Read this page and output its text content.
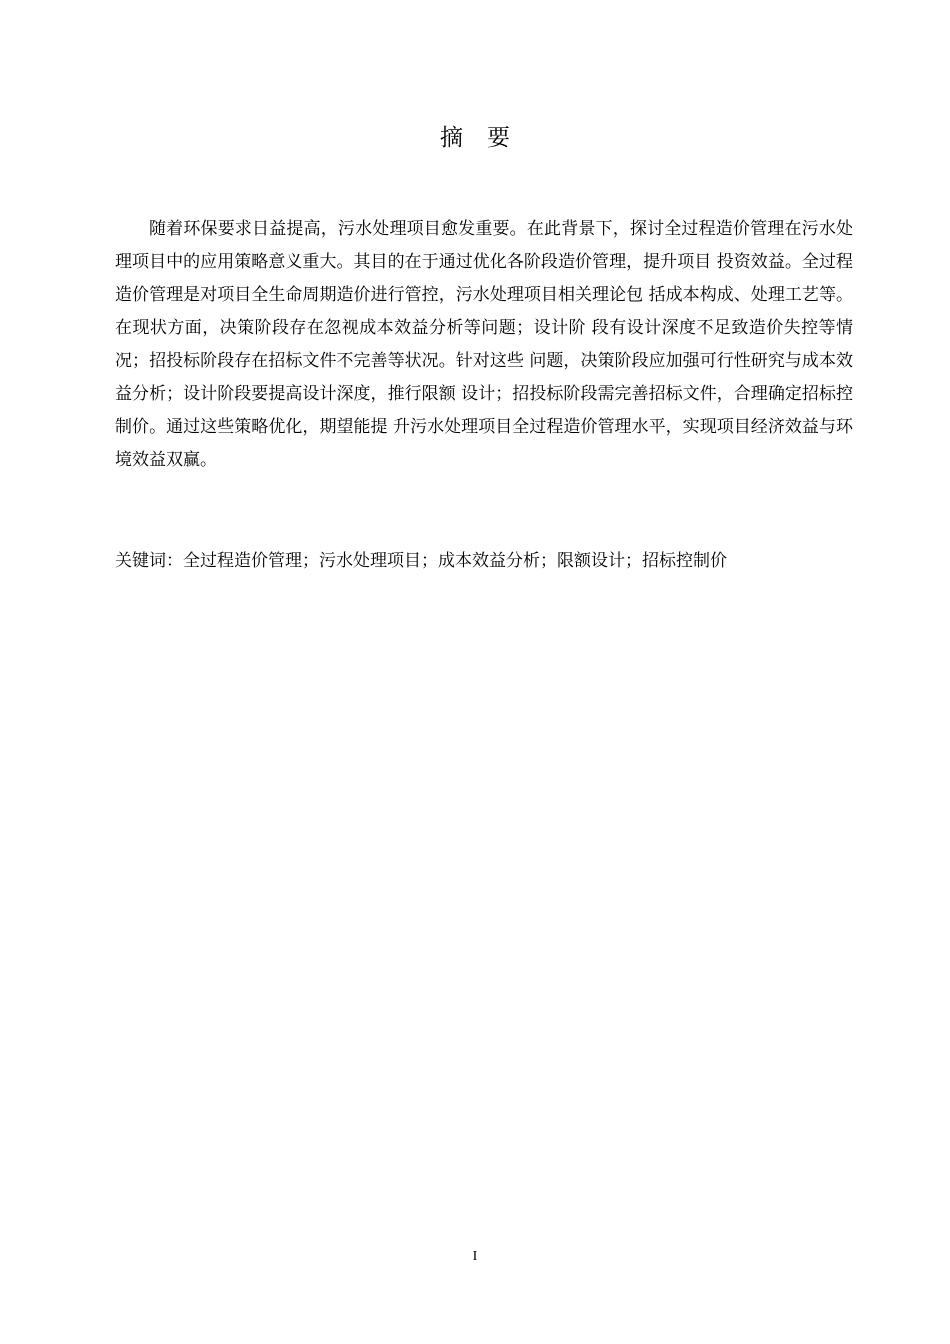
摘要

随着环保要求日益提高，污水处理项目愈发重要。在此背景下，探讨全过程造价管理在污水处理项目中的应用策略意义重大。其目的在于通过优化各阶段造价管理，提升项目 投资效益。全过程造价管理是对项目全生命周期造价进行管控，污水处理项目相关理论包 括成本构成、处理工艺等。在现状方面，决策阶段存在忽视成本效益分析等问题；设计阶 段有设计深度不足致造价失控等情况；招投标阶段存在招标文件不完善等状况。针对这些 问题，决策阶段应加强可行性研究与成本效益分析；设计阶段要提高设计深度，推行限额 设计；招投标阶段需完善招标文件，合理确定招标控制价。通过这些策略优化，期望能提 升污水处理项目全过程造价管理水平，实现项目经济效益与环境效益双赢。

关键词：全过程造价管理；污水处理项目；成本效益分析；限额设计；招标控制价

I
